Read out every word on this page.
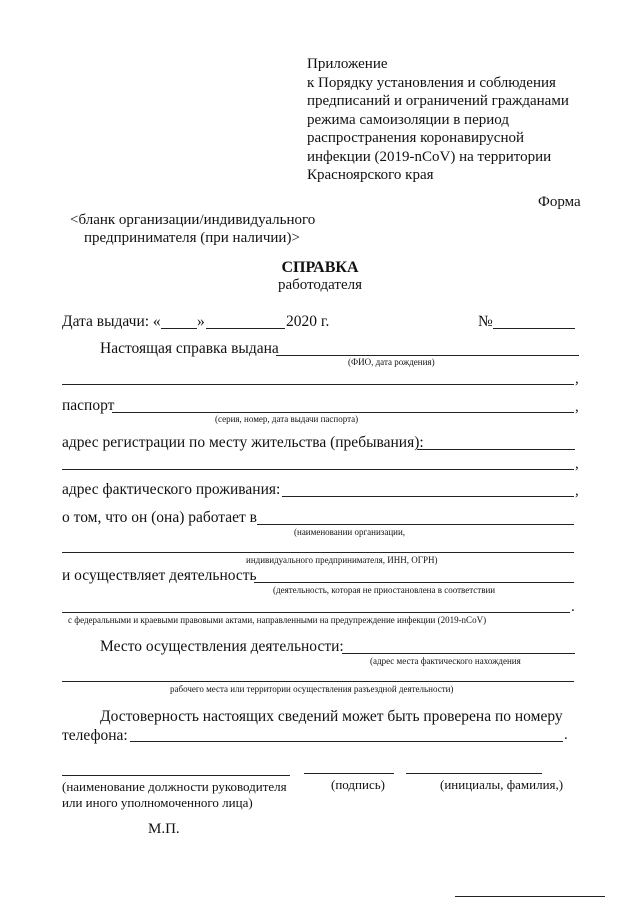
Приложение
к Порядку установления и соблюдения
предписаний и ограничений гражданами
режима самоизоляции в период
распространения коронавирусной
инфекции (2019-nCoV) на территории
Красноярского края
Форма
<бланк организации/индивидуального
предпринимателя (при наличии)>
СПРАВКА
работодателя
Дата выдачи: « »	2020 г.	№
Настоящая справка выдана
(ФИО, дата рождения)
,
паспорт	,
(серия, номер, дата выдачи паспорта)
адрес регистрации по месту жительства (пребывания):
,
адрес фактического проживания:	,
о том, что он (она) работает в
(наименовании организации,
индивидуального предпринимателя, ИНН, ОГРН)
и осуществляет деятельность
(деятельность, которая не приостановлена в соответствии
.
с федеральными и краевыми правовыми актами, направленными на предупреждение инфекции (2019-nCoV)
Место осуществления деятельности:
(адрес места фактического нахождения
рабочего места или территории осуществления разъездной деятельности)
Достоверность настоящих сведений может быть проверена по номеру
телефона:	.
(наименование должности руководителя
или иного уполномоченного лица)
(подпись)	(инициалы, фамилия,)
М.П.
